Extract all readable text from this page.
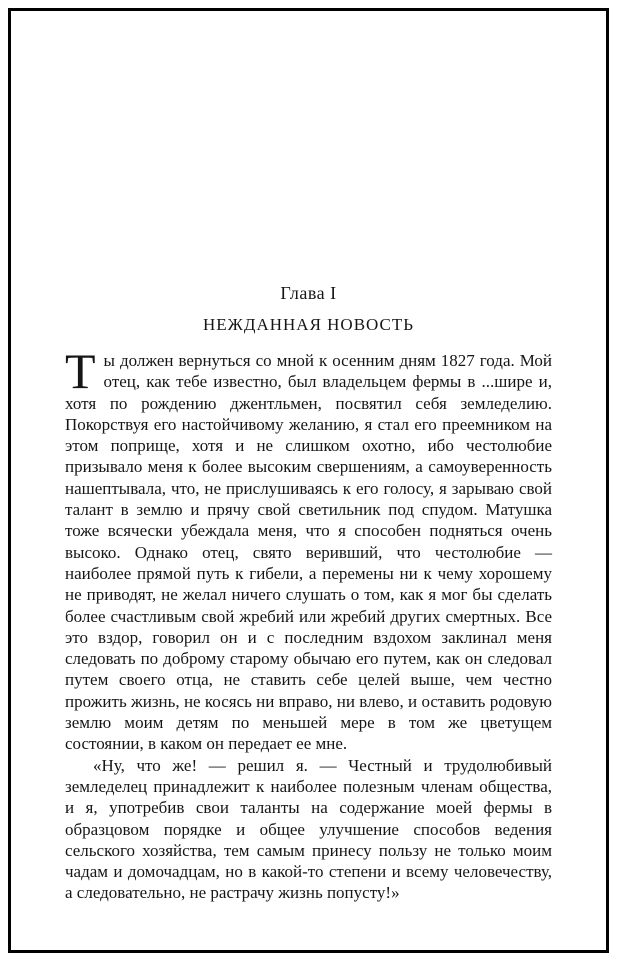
Глава I
НЕЖДАННАЯ НОВОСТЬ

Ты должен вернуться со мной к осенним дням 1827 года. Мой отец, как тебе известно, был владельцем фермы в ...шире и, хотя по рождению джентльмен, посвятил себя земледелию. Покорствуя его настойчивому желанию, я стал его преемником на этом поприще, хотя и не слишком охотно, ибо честолюбие призывало меня к более высоким свершениям, а самоуверенность нашептывала, что, не прислушиваясь к его голосу, я зарываю свой талант в землю и прячу свой светильник под спудом. Матушка тоже всячески убеждала меня, что я способен подняться очень высоко. Однако отец, свято веривший, что честолюбие — наиболее прямой путь к гибели, а перемены ни к чему хорошему не приводят, не желал ничего слушать о том, как я мог бы сделать более счастливым свой жребий или жребий других смертных. Все это вздор, говорил он и с последним вздохом заклинал меня следовать по доброму старому обычаю его путем, как он следовал путем своего отца, не ставить себе целей выше, чем честно прожить жизнь, не косясь ни вправо, ни влево, и оставить родовую землю моим детям по меньшей мере в том же цветущем состоянии, в каком он передает ее мне.

«Ну, что же! — решил я. — Честный и трудолюбивый земледелец принадлежит к наиболее полезным членам общества, и я, употребив свои таланты на содержание моей фермы в образцовом порядке и общее улучшение способов ведения сельского хозяйства, тем самым принесу пользу не только моим чадам и домочадцам, но в какой-то степени и всему человечеству, а следовательно, не растрачу жизнь попусту!»
